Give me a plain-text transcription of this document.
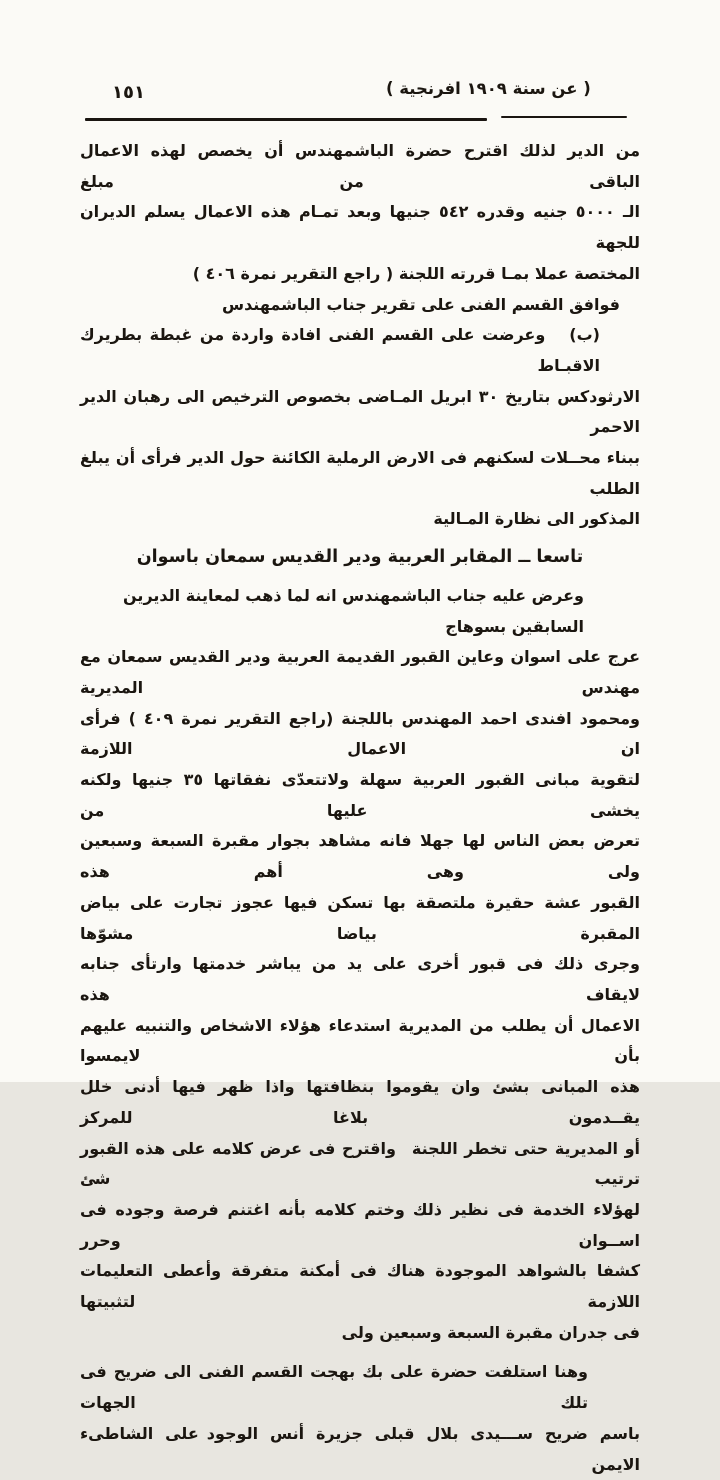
١٥١	( عن سنة ١٩٠٩ افرنجية )
من الدير لذلك اقترح حضرة الباشمهندس أن يخصص لهذه الاعمال الباقى من مبلغ
الـ ٥٠٠٠ جنيه وقدره ٥٤٢ جنيها وبعد تمـام هذه الاعمال يسلم الديران للجهة
المختصة عملا بمـا قررته اللجنة ( راجع التقرير نمرة ٤٠٦ )
فوافق القسم الفنى على تقرير جناب الباشمهندس
(ب)  وعرضت على القسم الفنى افادة واردة من غبطة بطريرك الاقبـاط
الارثودكس بتاريخ ٣٠ ابريل المـاضى بخصوص الترخيص الى رهبان الدير الاحمر
ببناء محــلات لسكنهم فى الارض الرملية الكائنة حول الدير فرأى أن يبلغ الطلب
المذكور الى نظارة المـالية
تاسعا ــ المقابر العربية ودير القديس سمعان باسوان
وعرض عليه جناب الباشمهندس انه لما ذهب لمعاينة الديرين السابقين بسوهاج
عرج على اسوان وعاين القبور القديمة العربية ودير القديس سمعان مع مهندس المديرية
ومحمود افندى احمد المهندس باللجنة (راجع التقرير نمرة ٤٠٩ ) فرأى ان الاعمال اللازمة
لتقوية مبانى القبور العربية سهلة ولاتتعدّى نفقاتها ٣٥ جنيها ولكنه يخشى عليها من
تعرض بعض الناس لها جهلا فانه مشاهد بجوار مقبرة السبعة وسبعين ولى وهى أهم هذه
القبور عشة حقيرة ملتصقة بها تسكن فيها عجوز تجارت على بياض المقبرة بياضا مشوّها
وجرى ذلك فى قبور أخرى على يد من يباشر خدمتها وارتأى جنابه لايقاف هذه
الاعمال أن يطلب من المديرية استدعاء هؤلاء الاشخاص والتنبيه عليهم بأن لايمسوا
هذه المبانى بشئ وان يقوموا بنظافتها واذا ظهر فيها أدنى خلل يقــدمون بلاغا للمركز
أو المديرية حتى تخطر اللجنة واقترح فى عرض كلامه على هذه القبور ترتيب شئ
لهؤلاء الخدمة فى نظير ذلك وختم كلامه بأنه اغتنم فرصة وجوده فى اســوان وحرر
كشفا بالشواهد الموجودة هناك فى أمكنة متفرقة وأعطى التعليمات اللازمة لتثبيتها
فى جدران مقبرة السبعة وسبعين ولى
وهنا استلفت حضرة على بك بهجت القسم الفنى الى ضريح فى تلك الجهات
باسم ضريح ســـيدى بلال قبلى جزيرة أنس الوجود على الشاطىء الايمن
